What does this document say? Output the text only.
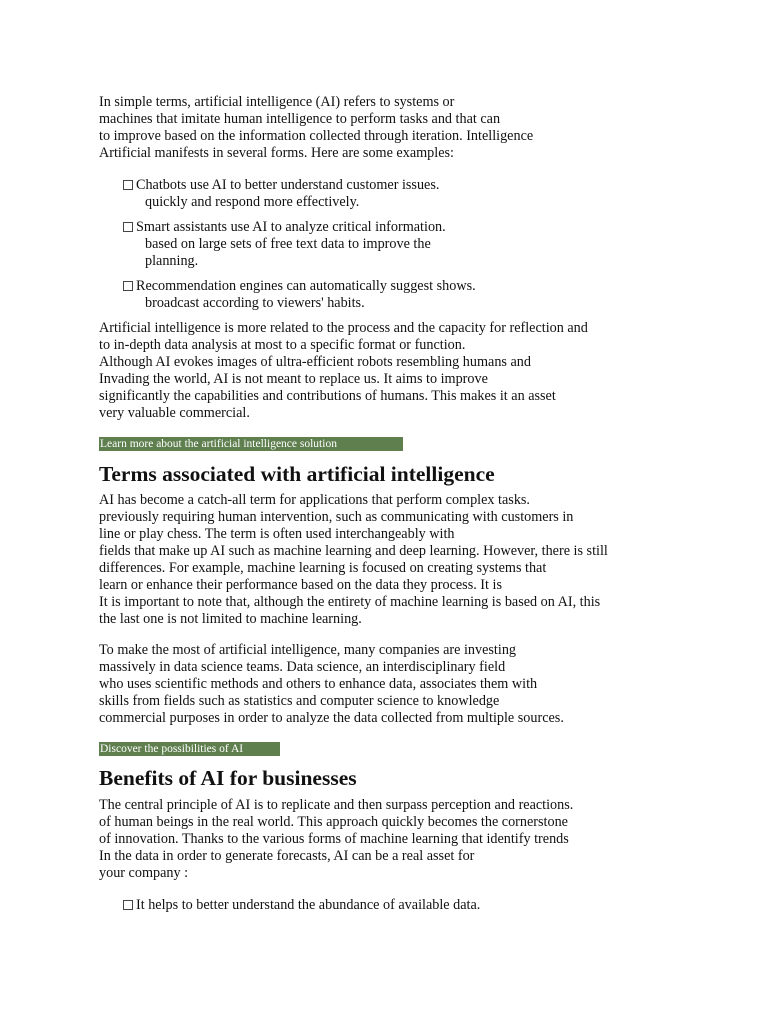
In simple terms, artificial intelligence (AI) refers to systems or
machines that imitate human intelligence to perform tasks and that can
to improve based on the information collected through iteration. Intelligence
Artificial manifests in several forms. Here are some examples:
Chatbots use AI to better understand customer issues.
quickly and respond more effectively.
Smart assistants use AI to analyze critical information.
based on large sets of free text data to improve the
planning.
Recommendation engines can automatically suggest shows.
broadcast according to viewers' habits.
Artificial intelligence is more related to the process and the capacity for reflection and
to in-depth data analysis at most to a specific format or function.
Although AI evokes images of ultra-efficient robots resembling humans and
Invading the world, AI is not meant to replace us. It aims to improve
significantly the capabilities and contributions of humans. This makes it an asset
very valuable commercial.
Learn more about the artificial intelligence solution
Terms associated with artificial intelligence
AI has become a catch-all term for applications that perform complex tasks.
previously requiring human intervention, such as communicating with customers in
line or play chess. The term is often used interchangeably with
fields that make up AI such as machine learning and deep learning. However, there is still
differences. For example, machine learning is focused on creating systems that
learn or enhance their performance based on the data they process. It is
It is important to note that, although the entirety of machine learning is based on AI, this
the last one is not limited to machine learning.
To make the most of artificial intelligence, many companies are investing
massively in data science teams. Data science, an interdisciplinary field
who uses scientific methods and others to enhance data, associates them with
skills from fields such as statistics and computer science to knowledge
commercial purposes in order to analyze the data collected from multiple sources.
Discover the possibilities of AI
Benefits of AI for businesses
The central principle of AI is to replicate and then surpass perception and reactions.
of human beings in the real world. This approach quickly becomes the cornerstone
of innovation. Thanks to the various forms of machine learning that identify trends
In the data in order to generate forecasts, AI can be a real asset for
your company :
It helps to better understand the abundance of available data.
